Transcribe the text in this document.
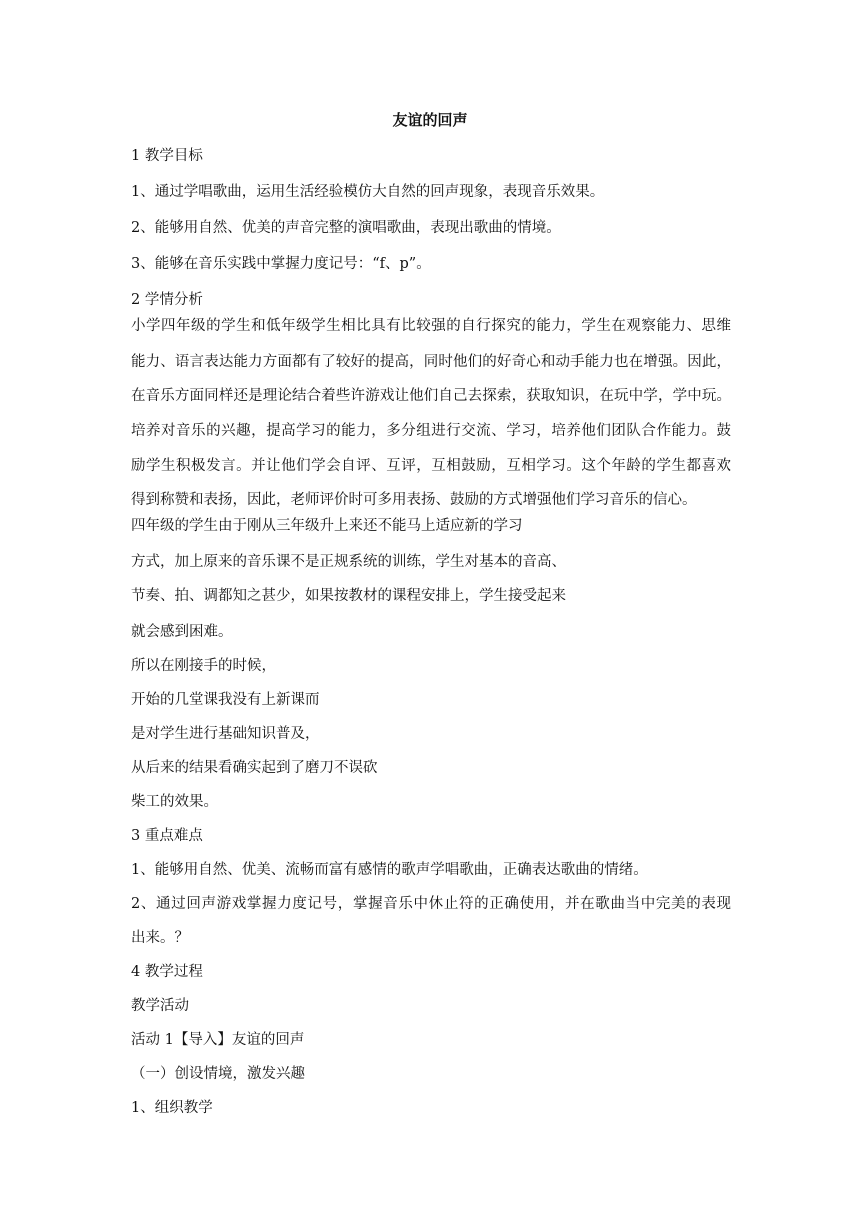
友谊的回声
1 教学目标
1、通过学唱歌曲，运用生活经验模仿大自然的回声现象，表现音乐效果。
2、能够用自然、优美的声音完整的演唱歌曲，表现出歌曲的情境。
3、能够在音乐实践中掌握力度记号：“f、p”。
2 学情分析
小学四年级的学生和低年级学生相比具有比较强的自行探究的能力，学生在观察能力、思维
能力、语言表达能力方面都有了较好的提高，同时他们的好奇心和动手能力也在增强。因此，
在音乐方面同样还是理论结合着些许游戏让他们自己去探索，获取知识，在玩中学，学中玩。
培养对音乐的兴趣，提高学习的能力，多分组进行交流、学习，培养他们团队合作能力。鼓
励学生积极发言。并让他们学会自评、互评，互相鼓励，互相学习。这个年龄的学生都喜欢
得到称赞和表扬，因此，老师评价时可多用表扬、鼓励的方式增强他们学习音乐的信心。
四年级的学生由于刚从三年级升上来还不能马上适应新的学习
方式，加上原来的音乐课不是正规系统的训练，学生对基本的音高、
节奏、拍、调都知之甚少，如果按教材的课程安排上，学生接受起来
就会感到困难。
所以在刚接手的时候，
开始的几堂课我没有上新课而
是对学生进行基础知识普及，
从后来的结果看确实起到了磨刀不误砍
柴工的效果。
3 重点难点
1、能够用自然、优美、流畅而富有感情的歌声学唱歌曲，正确表达歌曲的情绪。
2、通过回声游戏掌握力度记号，掌握音乐中休止符的正确使用，并在歌曲当中完美的表现
出来。？
4 教学过程
教学活动
活动 1【导入】友谊的回声
（一）创设情境，激发兴趣
1、组织教学
